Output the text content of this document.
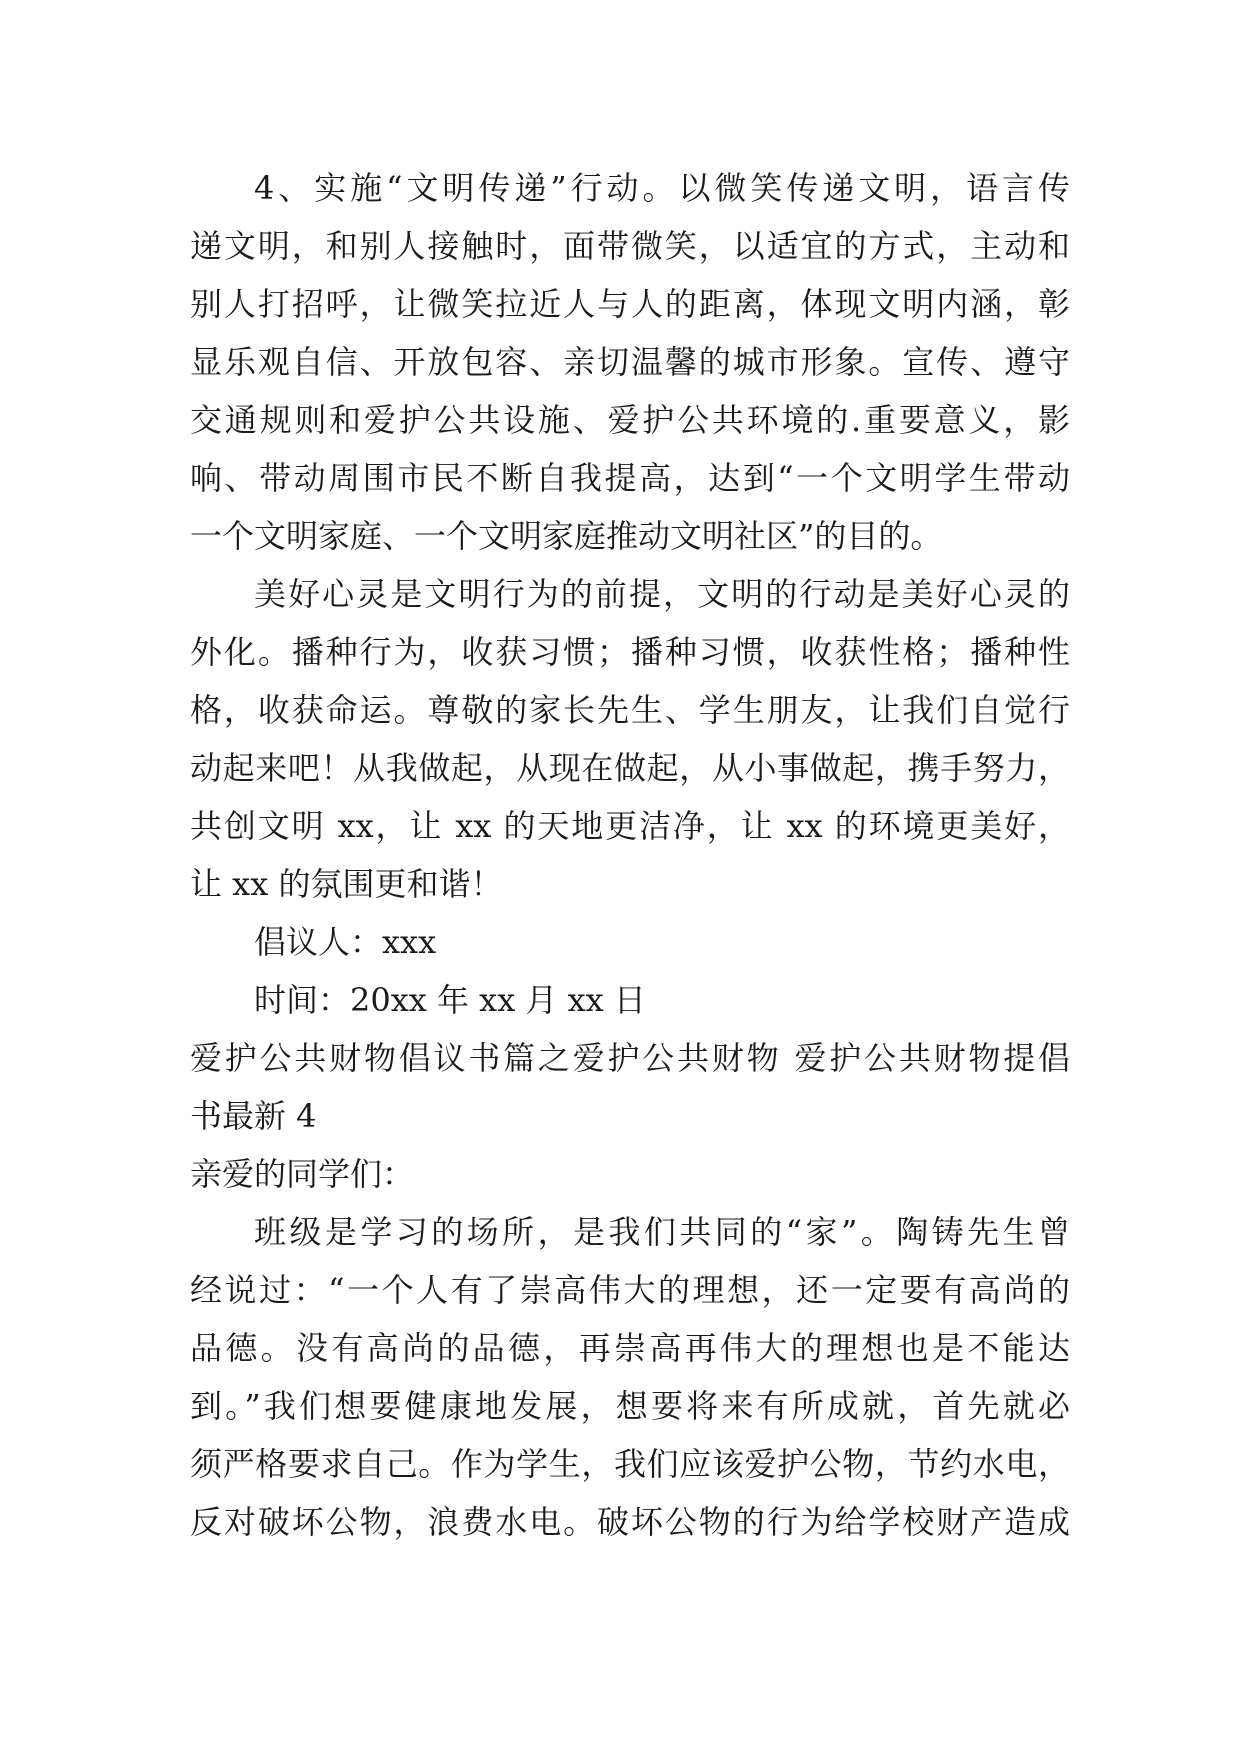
4、实施“文明传递”行动。以微笑传递文明，语言传
递文明，和别人接触时，面带微笑，以适宜的方式，主动和
别人打招呼，让微笑拉近人与人的距离，体现文明内涵，彰
显乐观自信、开放包容、亲切温馨的城市形象。宣传、遵守
交通规则和爱护公共设施、爱护公共环境的.重要意义，影
响、带动周围市民不断自我提高，达到“一个文明学生带动
一个文明家庭、一个文明家庭推动文明社区”的目的。
美好心灵是文明行为的前提，文明的行动是美好心灵的
外化。播种行为，收获习惯；播种习惯，收获性格；播种性
格，收获命运。尊敬的家长先生、学生朋友，让我们自觉行
动起来吧！从我做起，从现在做起，从小事做起，携手努力，
共创文明 xx，让 xx 的天地更洁净，让 xx 的环境更美好，
让 xx 的氛围更和谐！
倡议人：xxx
时间：20xx 年 xx 月 xx 日
爱护公共财物倡议书篇之爱护公共财物 爱护公共财物提倡
书最新 4
亲爱的同学们：
班级是学习的场所，是我们共同的“家”。陶铸先生曾
经说过：“一个人有了崇高伟大的理想，还一定要有高尚的
品德。没有高尚的品德，再崇高再伟大的理想也是不能达
到。”我们想要健康地发展，想要将来有所成就，首先就必
须严格要求自己。作为学生，我们应该爱护公物，节约水电，
反对破坏公物，浪费水电。破坏公物的行为给学校财产造成
